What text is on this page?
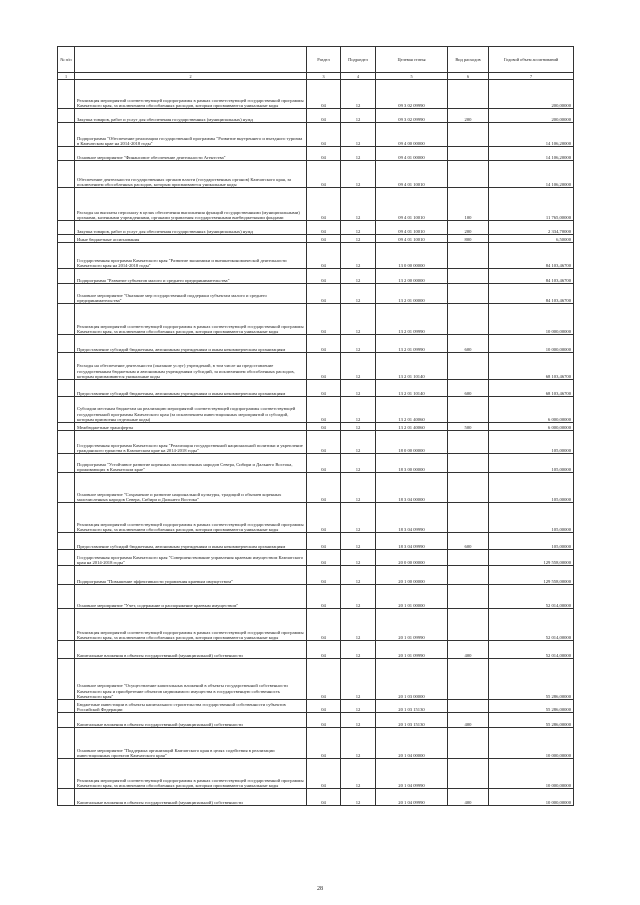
№ п/п		Раздел	Подраздел	Целевая статья	Вид расходов	Годовой объем ассигнований
1	2	3	4	5	6	7
	Реализация мероприятий соответствующей подпрограммы в рамках соответствующей государственной программы Камчатского края, за исключением обособленных расходов, которым присваиваются уникальные коды	04	12	09 3 02 09990		200,00000
	Закупка товаров, работ и услуг для обеспечения государственных (муниципальных) нужд	04	12	09 3 02 09990	200	200,00000
	Подпрограмма "Обеспечение реализации государственной программы "Развитие внутреннего и въездного туризма в Камчатском крае на 2014-2018 годы"	04	12	09 4 00 00000		14 106,20000
	Основное мероприятие "Финансовое обеспечение деятельности Агентства"	04	12	09 4 01 00000		14 106,20000
	Обеспечение деятельности государственных органов власти (государственных органов) Камчатского края, за исключением обособленных расходов, которым присваиваются уникальные коды	04	12	09 4 01 10010		14 106,20000
	Расходы на выплаты персоналу в целях обеспечения выполнения функций государственными (муниципальными) органами, казенными учреждениями, органами управления государственными внебюджетными фондами	04	12	09 4 01 10010	100	11 765,00000
	Закупка товаров, работ и услуг для обеспечения государственных (муниципальных) нужд	04	12	09 4 01 10010	200	2 334,70000
	Иные бюджетные ассигнования	04	12	09 4 01 10010	800	6,50000
	Государственная программа Камчатского края "Развитие экономики и внешнеэкономической деятельности Камчатского края на 2014-2018 годы"	04	12	13 0 00 00000		84 103,46700
	Подпрограмма "Развитие субъектов малого и среднего предпринимательства"	04	12	13 2 00 00000		84 103,46700
	Основное мероприятие "Оказание мер государственной поддержки субъектам малого и среднего предпринимательства"	04	12	13 2 01 00000		84 103,46700
	Реализация мероприятий соответствующей подпрограммы в рамках соответствующей государственной программы Камчатского края, за исключением обособленных расходов, которым присваиваются уникальные коды	04	12	13 2 01 09990		10 000,00000
	Предоставление субсидий бюджетным, автономным учреждениям и иным некоммерческим организациям	04	12	13 2 01 09990	600	10 000,00000
	Расходы на обеспечение деятельности (оказание услуг) учреждений, в том числе на предоставление государственным бюджетным и автономным учреждениям субсидий, за исключением обособленных расходов, которым присваиваются уникальные коды	04	12	13 2 01 10140		68 103,46700
	Предоставление субсидий бюджетным, автономным учреждениям и иным некоммерческим организациям	04	12	13 2 01 10140	600	68 103,46700
	Субсидии местным бюджетам на реализацию мероприятий соответствующей подпрограммы соответствующей государственной программы Камчатского края (за исключением инвестиционных мероприятий и субсидий, которым присвоены отдельные коды)	04	12	13 2 01 40060		6 000,00000
	Межбюджетные трансферты	04	12	13 2 01 40060	500	6 000,00000
	Государственная программа Камчатского края "Реализация государственной национальной политики и укрепление гражданского единства в Камчатском крае на 2014-2018 годы"	04	12	18 0 00 00000		105,00000
	Подпрограмма "Устойчивое развитие коренных малочисленных народов Севера, Сибири и Дальнего Востока, проживающих в Камчатском крае"	04	12	18 3 00 00000		105,00000
	Основное мероприятие "Сохранение и развитие национальной культуры, традиций и обычаев коренных малочисленных народов Севера, Сибири и Дальнего Востока"	04	12	18 3 04 00000		105,00000
	Реализация мероприятий соответствующей подпрограммы в рамках соответствующей государственной программы Камчатского края, за исключением обособленных расходов, которым присваиваются уникальные коды	04	12	18 3 04 09990		105,00000
	Предоставление субсидий бюджетным, автономным учреждениям и иным некоммерческим организациям	04	12	18 3 04 09990	600	105,00000
	Государственная программа Камчатского края "Совершенствование управления краевым имуществом Камчатского края на 2014-2018 годы"	04	12	20 0 00 00000		129 558,00000
	Подпрограмма "Повышение эффективности управления краевым имуществом"	04	12	20 1 00 00000		129 558,00000
	Основное мероприятие "Учет, содержание и распоряжение краевым имуществом"	04	12	20 1 01 00000		52 014,00000
	Реализация мероприятий соответствующей подпрограммы в рамках соответствующей государственной программы Камчатского края, за исключением обособленных расходов, которым присваиваются уникальные коды	04	12	20 1 01 09990		52 014,00000
	Капитальные вложения в объекты государственной (муниципальной) собственности	04	12	20 1 01 09990	400	52 014,00000
	Основное мероприятие "Осуществление капитальных вложений в объекты государственной собственности Камчатского края и приобретение объектов недвижимого имущества в государственную собственность Камчатского края"	04	12	20 1 03 00000		55 286,00000
	Бюджетные инвестиции в объекты капитального строительства государственной собственности субъектов Российской Федерации	04	12	20 1 03 15130		55 286,00000
	Капитальные вложения в объекты государственной (муниципальной) собственности	04	12	20 1 03 15130	400	55 286,00000
	Основное мероприятие "Поддержка организаций Камчатского края в целях содействия в реализации инвестиционных проектов Камчатского края"	04	12	20 1 04 00000		10 000,00000
	Реализация мероприятий соответствующей подпрограммы в рамках соответствующей государственной программы Камчатского края, за исключением обособленных расходов, которым присваиваются уникальные коды	04	12	20 1 04 09990		10 000,00000
	Капитальные вложения в объекты государственной (муниципальной) собственности	04	12	20 1 04 09990	400	10 000,00000
28
